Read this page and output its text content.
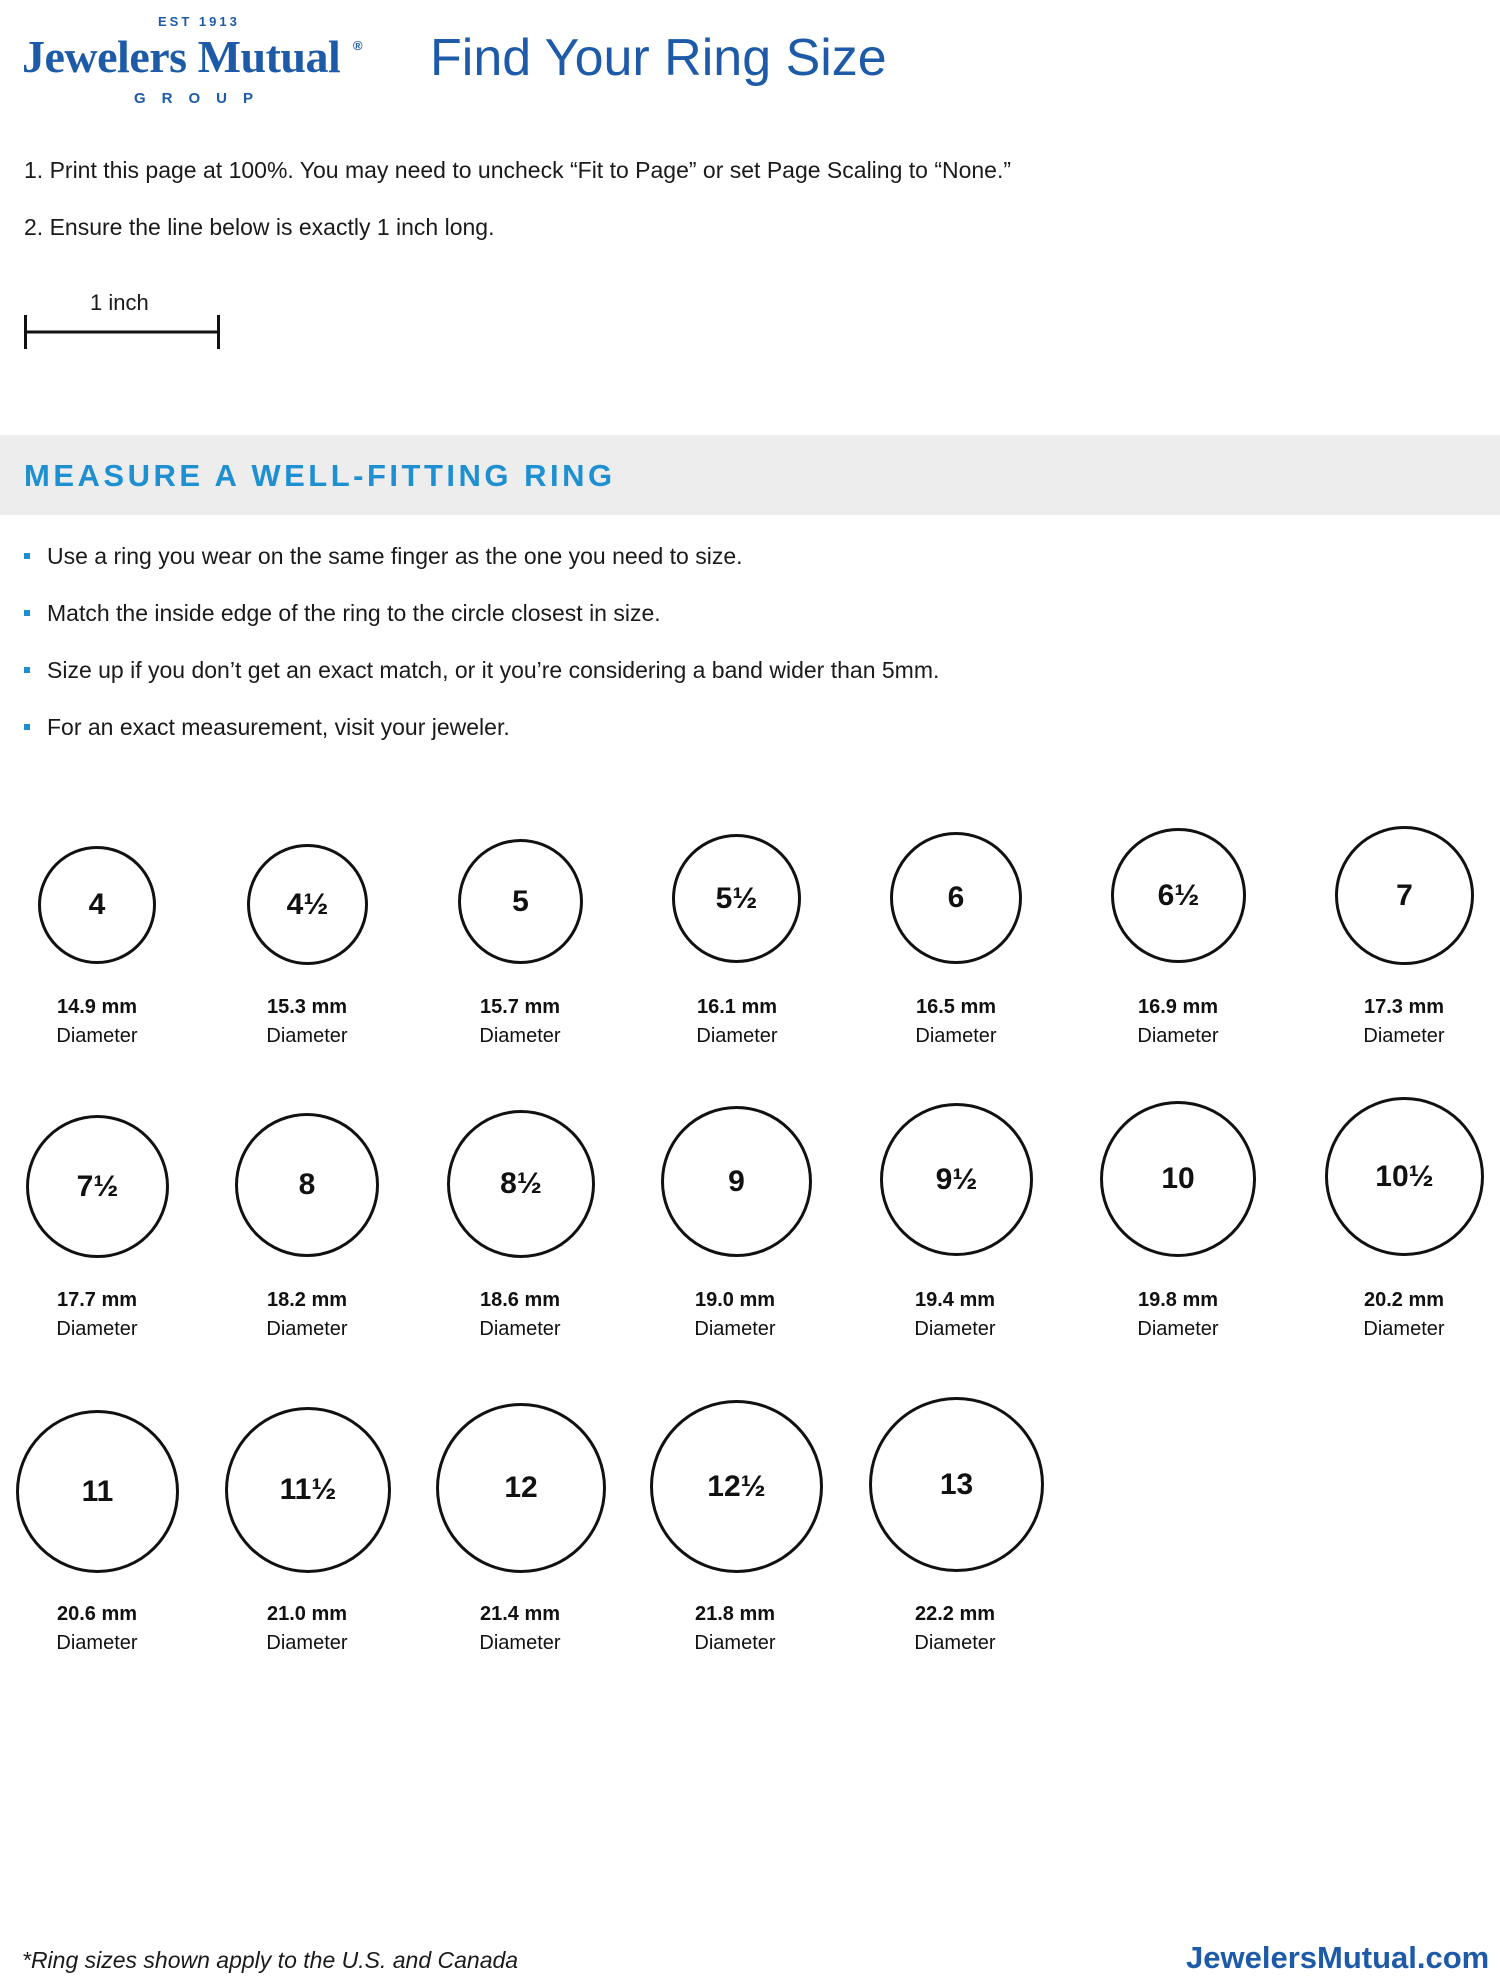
EST 1913
Jewelers Mutual ®
GROUP
Find Your Ring Size
1. Print this page at 100%. You may need to uncheck “Fit to Page” or set Page Scaling to “None.”
2. Ensure the line below is exactly 1 inch long.
1 inch
MEASURE A WELL-FITTING RING
Use a ring you wear on the same finger as the one you need to size.
Match the inside edge of the ring to the circle closest in size.
Size up if you don’t get an exact match, or it you’re considering a band wider than 5mm.
For an exact measurement, visit your jeweler.
4
14.9 mm
Diameter
4½
15.3 mm
Diameter
5
15.7 mm
Diameter
5½
16.1 mm
Diameter
6
16.5 mm
Diameter
6½
16.9 mm
Diameter
7
17.3 mm
Diameter
7½
17.7 mm
Diameter
8
18.2 mm
Diameter
8½
18.6 mm
Diameter
9
19.0 mm
Diameter
9½
19.4 mm
Diameter
10
19.8 mm
Diameter
10½
20.2 mm
Diameter
11
20.6 mm
Diameter
11½
21.0 mm
Diameter
12
21.4 mm
Diameter
12½
21.8 mm
Diameter
13
22.2 mm
Diameter
*Ring sizes shown apply to the U.S. and Canada	JewelersMutual.com
